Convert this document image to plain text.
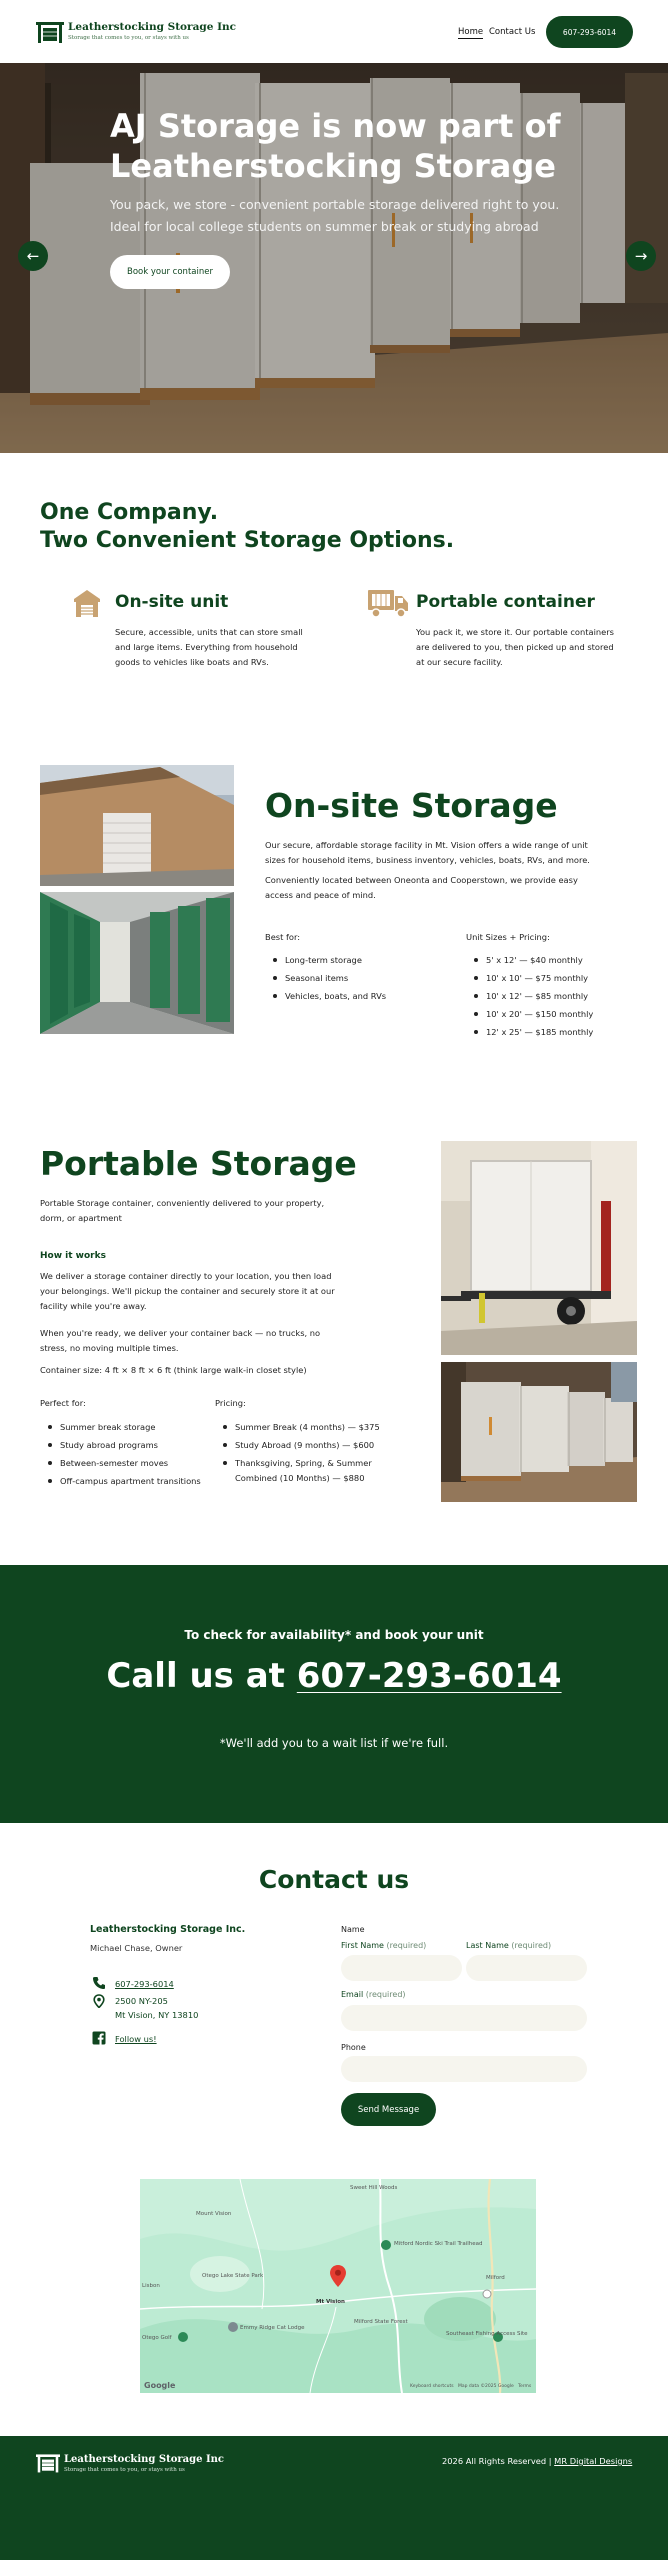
Leatherstocking Storage Inc
Storage that comes to you, or stays with us
Home Contact Us	607-293-6014
AJ Storage is now part of Leatherstocking Storage
You pack, we store - convenient portable storage delivered right to you. Ideal for local college students on summer break or studying abroad
Book your container
←	→
One Company.
Two Convenient Storage Options.
On-site unit
Secure, accessible, units that can store small and large items. Everything from household goods to vehicles like boats and RVs.
Portable container
You pack it, we store it. Our portable containers are delivered to you, then picked up and stored at our secure facility.
On-site Storage
Our secure, affordable storage facility in Mt. Vision offers a wide range of unit sizes for household items, business inventory, vehicles, boats, RVs, and more.
Conveniently located between Oneonta and Cooperstown, we provide easy access and peace of mind.
Best for:
Long-term storage
Seasonal items
Vehicles, boats, and RVs
Unit Sizes + Pricing:
5' x 12' — $40 monthly
10' x 10' — $75 monthly
10' x 12' — $85 monthly
10' x 20' — $150 monthly
12' x 25' — $185 monthly
Portable Storage
Portable Storage container, conveniently delivered to your property, dorm, or apartment
How it works
We deliver a storage container directly to your location, you then load your belongings. We'll pickup the container and securely store it at our facility while you're away.
When you're ready, we deliver your container back — no trucks, no stress, no moving multiple times.
Container size: 4 ft × 8 ft × 6 ft (think large walk-in closet style)
Perfect for:
Summer break storage
Study abroad programs
Between-semester moves
Off-campus apartment transitions
Pricing:
Summer Break (4 months) — $375
Study Abroad (9 months) — $600
Thanksgiving, Spring, & Summer Combined (10 Months) — $880
To check for availability* and book your unit
Call us at 607-293-6014
*We'll add you to a wait list if we're full.
Contact us
Leatherstocking Storage Inc.
Michael Chase, Owner
607-293-6014
2500 NY-205
Mt Vision, NY 13810
Follow us!
Name
First Name (required)	Last Name (required)
Email (required)
Phone
Send Message
Sweet Hill Woods
Mount Vision
Otego Lake State Park	Milford
Mt Vision
Milford State Forest
Emmy Ridge Cat Lodge
Mitford Nordic Ski Trail Trailhead
Southeast Fishing Access Site
Lisbon
Otego Golf
Google	Keyboard shortcuts Map data ©2025 Google Terms
Leatherstocking Storage Inc
Storage that comes to you, or stays with us
2026 All Rights Reserved | MR Digital Designs
